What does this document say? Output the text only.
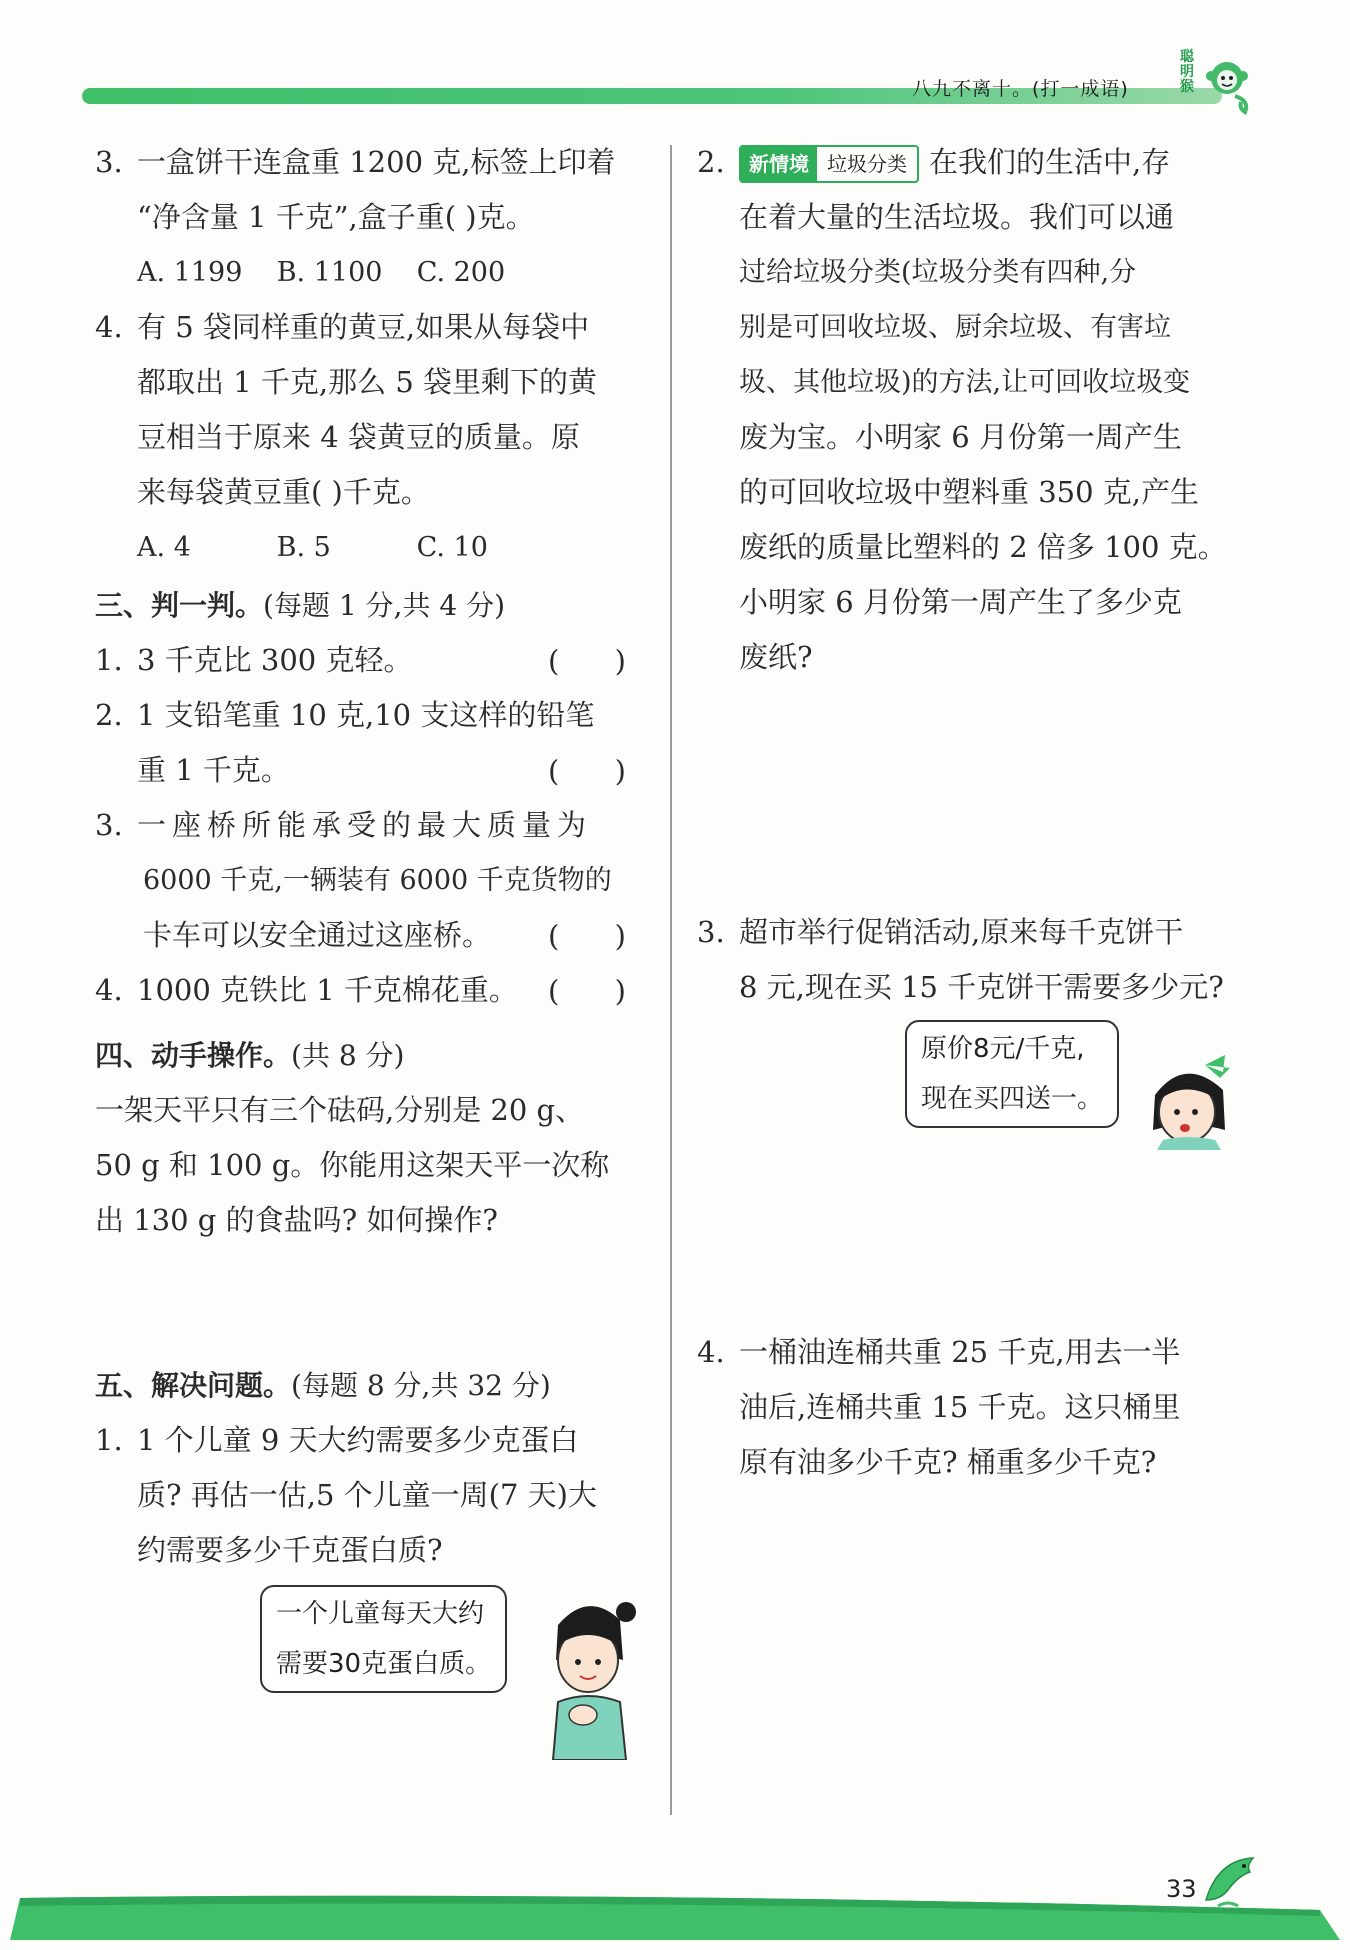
八九不离十。(打一成语)
聪明猴
3. 一盒饼干连盒重 1200 克,标签上印着
“净含量 1 千克”,盒子重( )克。
A. 1199    B. 1100    C. 200
4. 有 5 袋同样重的黄豆,如果从每袋中
都取出 1 千克,那么 5 袋里剩下的黄
豆相当于原来 4 袋黄豆的质量。原
来每袋黄豆重( )千克。
A. 4          B. 5          C. 10
三、判一判。(每题 1 分,共 4 分)
1. 3 千克比 300 克轻。
2. 1 支铅笔重 10 克,10 支这样的铅笔
重 1 千克。
3. 一座桥所能承受的最大质量为
6000 千克,一辆装有 6000 千克货物的
卡车可以安全通过这座桥。
4. 1000 克铁比 1 千克棉花重。
(      )
(      )
(      )
(      )
四、动手操作。(共 8 分)
一架天平只有三个砝码,分别是 20 g、
50 g 和 100 g。你能用这架天平一次称
出 130 g 的食盐吗? 如何操作?
五、解决问题。(每题 8 分,共 32 分)
1. 1 个儿童 9 天大约需要多少克蛋白
质? 再估一估,5 个儿童一周(7 天)大
约需要多少千克蛋白质?
一个儿童每天大约
需要30克蛋白质。
2.	新情境 垃圾分类 在我们的生活中,存
在着大量的生活垃圾。我们可以通
过给垃圾分类(垃圾分类有四种,分
别是可回收垃圾、厨余垃圾、有害垃
圾、其他垃圾)的方法,让可回收垃圾变
废为宝。小明家 6 月份第一周产生
的可回收垃圾中塑料重 350 克,产生
废纸的质量比塑料的 2 倍多 100 克。
小明家 6 月份第一周产生了多少克
废纸?
3. 超市举行促销活动,原来每千克饼干
8 元,现在买 15 千克饼干需要多少元?
原价8元/千克,
现在买四送一。
4. 一桶油连桶共重 25 千克,用去一半
油后,连桶共重 15 千克。这只桶里
原有油多少千克? 桶重多少千克?
33
